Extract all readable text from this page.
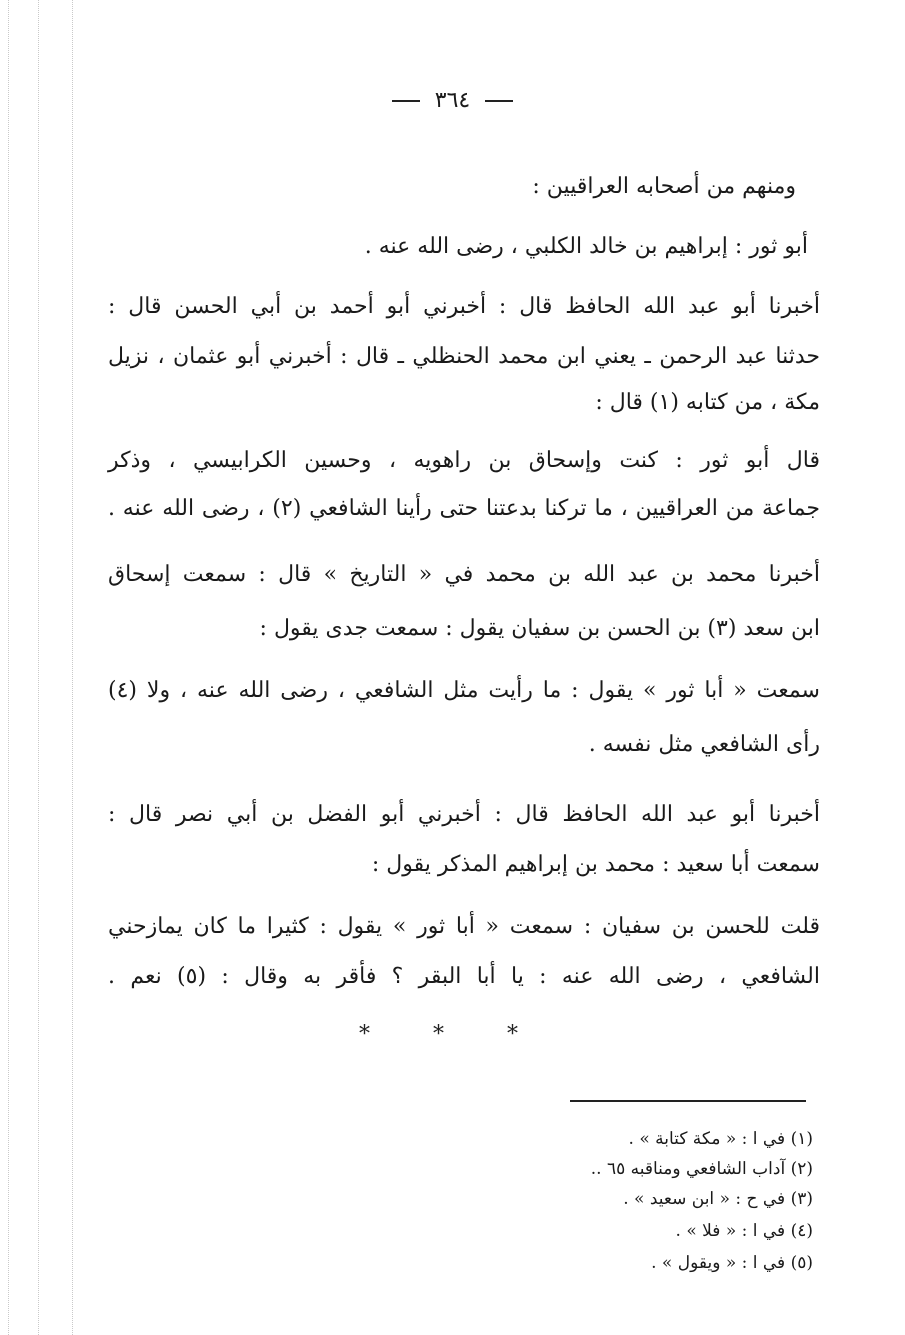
٣٦٤
ومنهم من أصحابه العراقيين :
أبو ثور : إبراهيم بن خالد الكلبي ، رضى الله عنه .
أخبرنا أبو عبد الله الحافظ قال : أخبرني أبو أحمد بن أبي الحسن قال :
حدثنا عبد الرحمن ـ يعني ابن محمد الحنظلي ـ قال : أخبرني أبو عثمان ، نزيل
مكة ، من كتابه (١) قال :
قال أبو ثور : كنت وإسحاق بن راهويه ، وحسين الكرابيسي ، وذكر
جماعة من العراقيين ، ما تركنا بدعتنا حتى رأينا الشافعي (٢) ، رضى الله عنه .
أخبرنا محمد بن عبد الله بن محمد في « التاريخ » قال : سمعت إسحاق
ابن سعد (٣) بن الحسن بن سفيان يقول : سمعت جدى يقول :
سمعت « أبا ثور » يقول : ما رأيت مثل الشافعي ، رضى الله عنه ، ولا (٤)
رأى الشافعي مثل نفسه .
أخبرنا أبو عبد الله الحافظ قال : أخبرني أبو الفضل بن أبي نصر قال :
سمعت أبا سعيد : محمد بن إبراهيم المذكر يقول :
قلت للحسن بن سفيان : سمعت « أبا ثور » يقول : كثيرا ما كان يمازحني
الشافعي ، رضى الله عنه : يا أبا البقر ؟ فأقر به وقال : (٥) نعم .
* * *
(١) في ا : « مكة كتابة » .
(٢) آداب الشافعي ومناقبه ٦٥ ..
(٣) في ح : « ابن سعيد » .
(٤) في ا : « فلا » .
(٥) في ا : « ويقول » .
